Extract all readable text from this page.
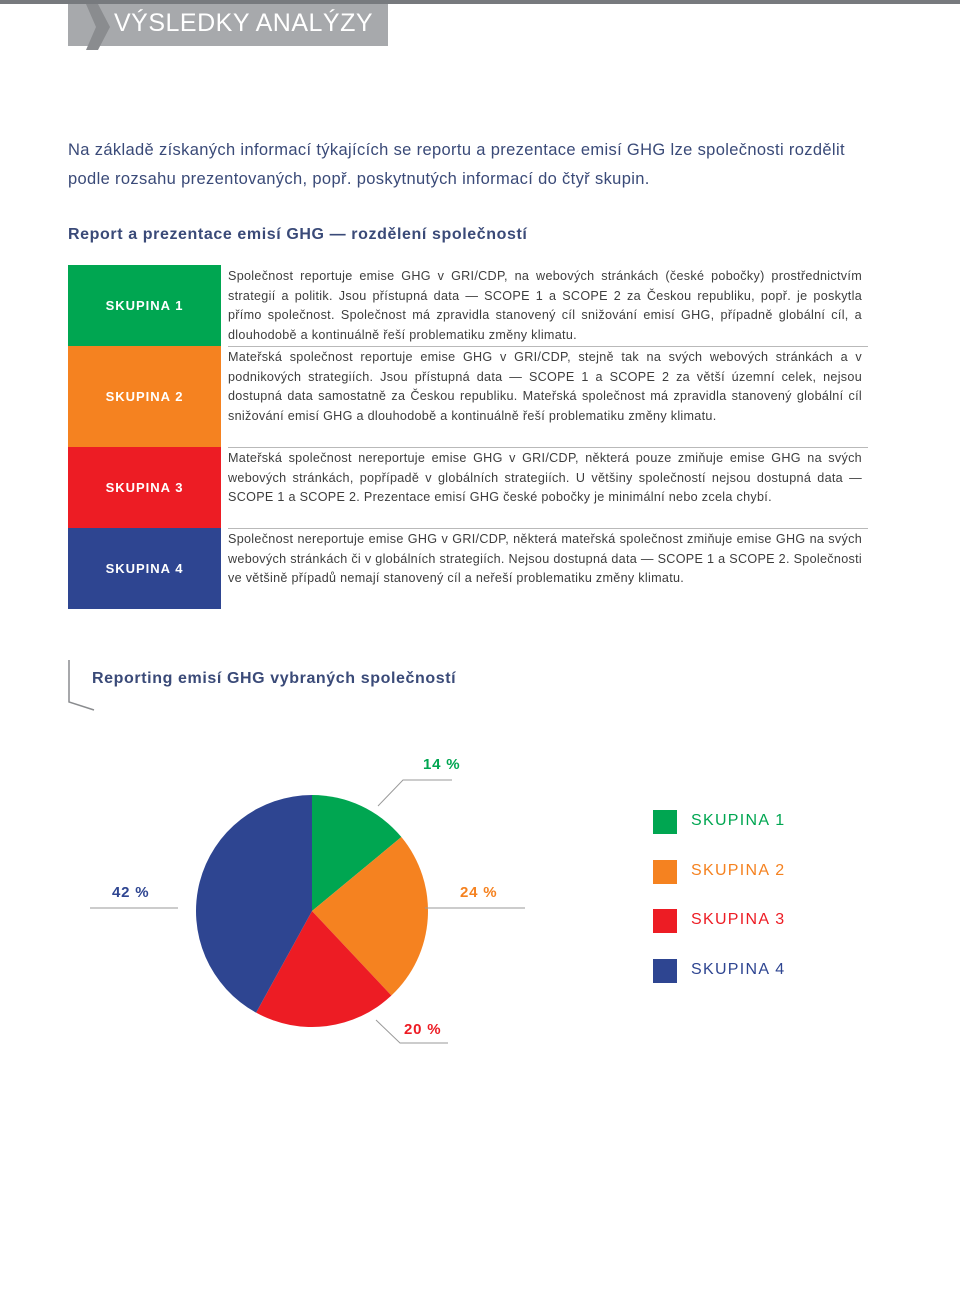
VÝSLEDKY ANALÝZY

Na základě získaných informací týkajících se reportu a prezentace emisí GHG lze společnosti rozdělit podle rozsahu prezentovaných, popř. poskytnutých informací do čtyř skupin.

Report a prezentace emisí GHG — rozdělení společností
SKUPINA 1
Společnost reportuje emise GHG v GRI/CDP, na webových stránkách (české pobočky) prostřednictvím strategií a politik. Jsou přístupná data — SCOPE 1 a SCOPE 2 za Českou republiku, popř. je poskytla přímo společnost. Společnost má zpravidla stanovený cíl snižování emisí GHG, případně globální cíl, a dlouhodobě a kontinuálně řeší problematiku změny klimatu.
SKUPINA 2
Mateřská společnost reportuje emise GHG v GRI/CDP, stejně tak na svých webových stránkách a v podnikových strategiích. Jsou přístupná data — SCOPE 1 a SCOPE 2 za větší územní celek, nejsou dostupná data samostatně za Českou republiku. Mateřská společnost má zpravidla stanovený globální cíl snižování emisí GHG a dlouhodobě a kontinuálně řeší problematiku změny klimatu.
SKUPINA 3
Mateřská společnost nereportuje emise GHG v GRI/CDP, některá pouze zmiňuje emise GHG na svých webových stránkách, popřípadě v globálních strategiích. U většiny společností nejsou dostupná data — SCOPE 1 a SCOPE 2. Prezentace emisí GHG české pobočky je minimální nebo zcela chybí.
SKUPINA 4
Společnost nereportuje emise GHG v GRI/CDP, některá mateřská společnost zmiňuje emise GHG na svých webových stránkách či v globálních strategiích. Nejsou dostupná data — SCOPE 1 a SCOPE 2. Společnosti ve většině případů nemají stanovený cíl a neřeší problematiku změny klimatu.
Reporting emisí GHG vybraných společností
14 %
24 %
20 %
42 %
SKUPINA 1
SKUPINA 2
SKUPINA 3
SKUPINA 4
